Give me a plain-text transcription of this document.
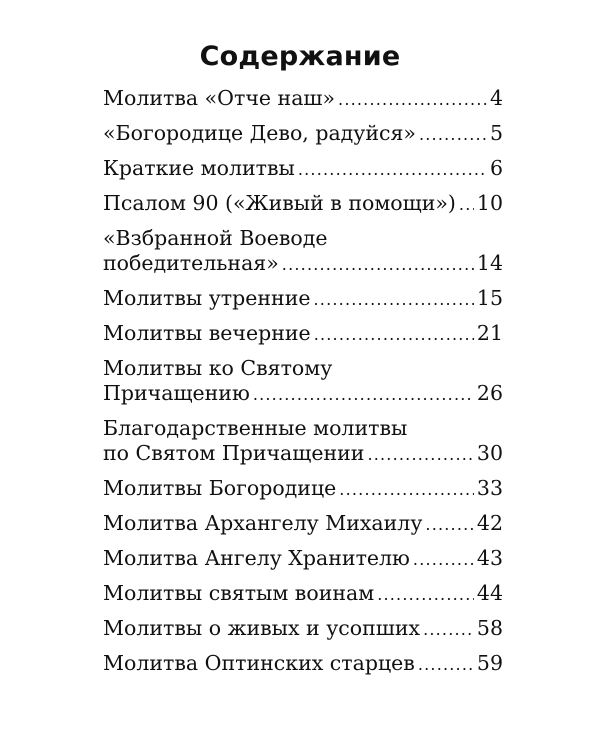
Содержание
Молитва «Отче наш» .....	4
«Богородице Дево, радуйся» .....	5
Краткие молитвы .....	6
Псалом 90 («Живый в помощи») ..... 10
«Взбранной Воеводе
победительная» .....	14
Молитвы утренние .....	15
Молитвы вечерние .....	21
Молитвы ко Святому
Причащению .....	26
Благодарственные молитвы
по Святом Причащении .....	30
Молитвы Богородице .....	33
Молитва Архангелу Михаилу .....	42
Молитва Ангелу Хранителю .....	43
Молитвы святым воинам .....	44
Молитвы о живых и усопших .....	58
Молитва Оптинских старцев .....	59
